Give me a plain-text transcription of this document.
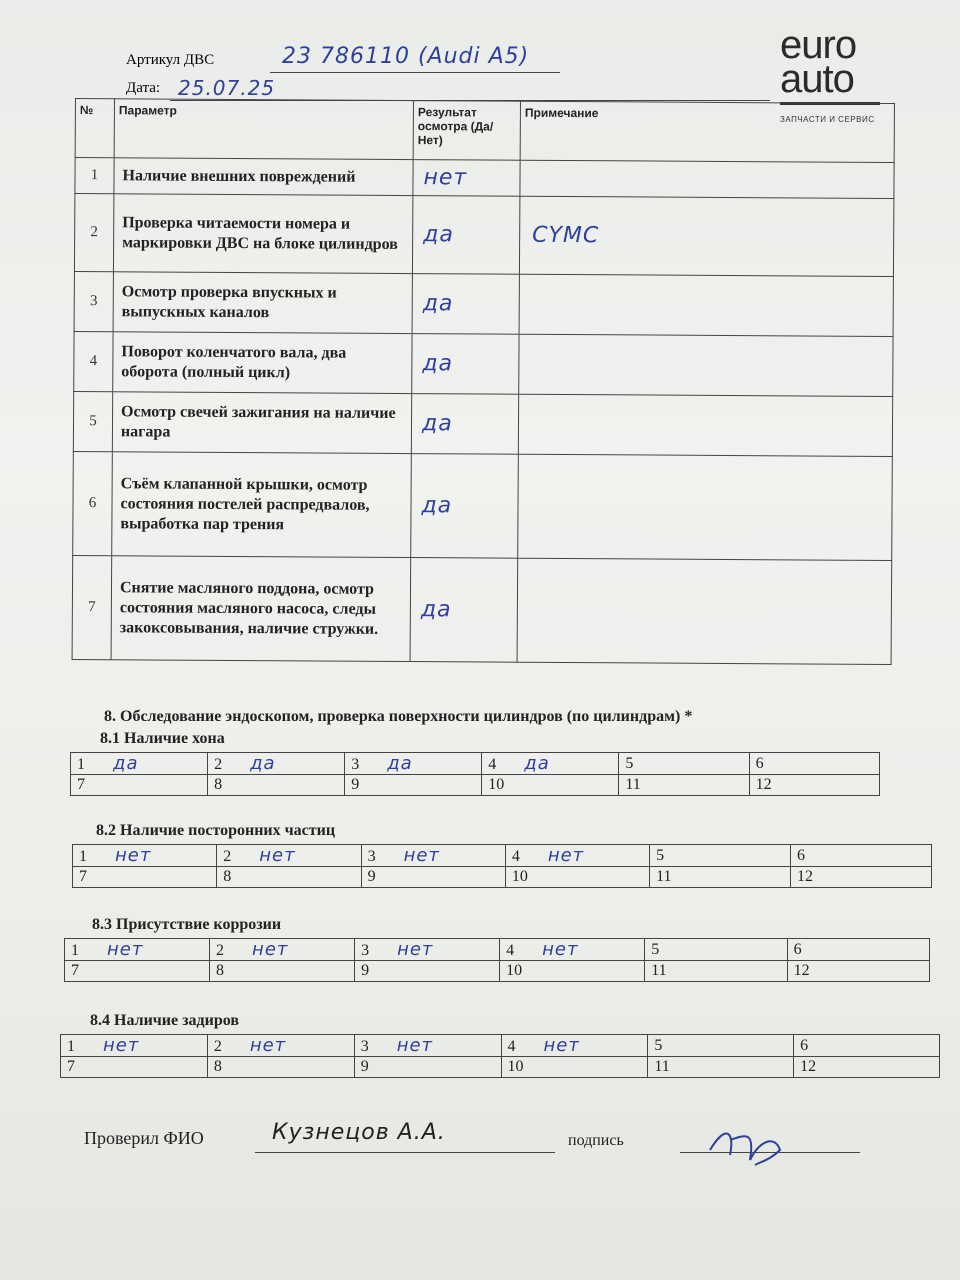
Артикул ДВС	23 786110 (Audi A5)
Дата: 25.07.25
euro
auto
ЗАПЧАСТИ И СЕРВИС
№	Параметр	Результат осмотра (Да/Нет)	Примечание
1	Наличие внешних повреждений	нет	
2	Проверка читаемости номера и маркировки ДВС на блоке цилиндров	да	CYMC
3	Осмотр проверка впускных и выпускных каналов	да	
4	Поворот коленчатого вала, два оборота (полный цикл)	да	
5	Осмотр свечей зажигания на наличие нагара	да	
6	Съём клапанной крышки, осмотр состояния постелей распредвалов, выработка пар трения	да	
7	Снятие масляного поддона, осмотр состояния масляного насоса, следы закоксовывания, наличие стружки.	да	
8. Обследование эндоскопом, проверка поверхности цилиндров (по цилиндрам) *
8.1 Наличие хона
1 да	2 да	3 да	4 да	5	6
7	8	9	10	11	12
8.2 Наличие посторонних частиц
1 нет	2 нет	3 нет	4 нет	5	6
7	8	9	10	11	12
8.3 Присутствие коррозии
1 нет	2 нет	3 нет	4 нет	5	6
7	8	9	10	11	12
8.4 Наличие задиров
1 нет	2 нет	3 нет	4 нет	5	6
7	8	9	10	11	12
Проверил ФИО	Кузнецов А.А.	подпись
